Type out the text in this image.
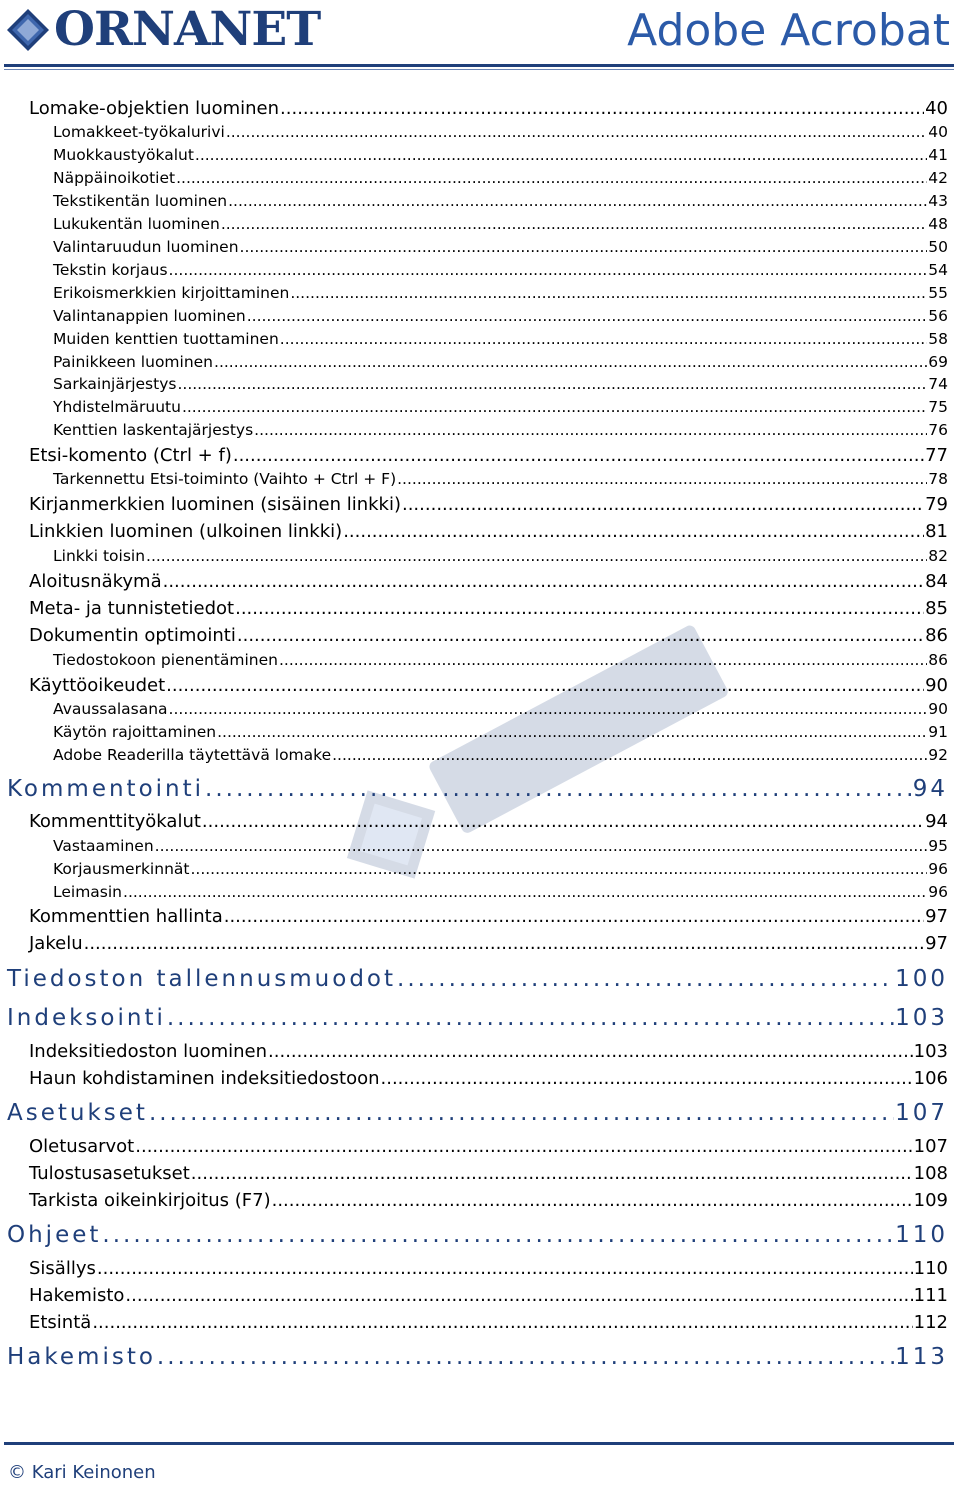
ORNANET	Adobe Acrobat
Lomake-objektien luominen .....	40
Lomakkeet-työkalurivi .....	40
Muokkaustyökalut .....	41
Näppäinoikotiet .....	42
Tekstikentän luominen .....	43
Lukukentän luominen .....	48
Valintaruudun luominen .....	50
Tekstin korjaus .....	54
Erikoismerkkien kirjoittaminen .....	55
Valintanappien luominen .....	56
Muiden kenttien tuottaminen .....	58
Painikkeen luominen .....	69
Sarkainjärjestys .....	74
Yhdistelmäruutu .....	75
Kenttien laskentajärjestys .....	76
Etsi-komento (Ctrl + f) .....	77
Tarkennettu Etsi-toiminto (Vaihto + Ctrl + F) .....	78
Kirjanmerkkien luominen (sisäinen linkki) .....	79
Linkkien luominen (ulkoinen linkki) .....	81
Linkki toisin .....	82
Aloitusnäkymä .....	84
Meta- ja tunnistetiedot .....	85
Dokumentin optimointi .....	86
Tiedostokoon pienentäminen .....	86
Käyttöoikeudet .....	90
Avaussalasana .....	90
Käytön rajoittaminen .....	91
Adobe Readerilla täytettävä lomake .....	92
Kommentointi .....	94
Kommenttityökalut .....	94
Vastaaminen .....	95
Korjausmerkinnät .....	96
Leimasin .....	96
Kommenttien hallinta .....	97
Jakelu .....	97
Tiedoston tallennusmuodot .....	100
Indeksointi .....	103
Indeksitiedoston luominen .....	103
Haun kohdistaminen indeksitiedostoon .....	106
Asetukset .....	107
Oletusarvot .....	107
Tulostusasetukset .....	108
Tarkista oikeinkirjoitus (F7) .....	109
Ohjeet .....	110
Sisällys .....	110
Hakemisto .....	111
Etsintä .....	112
Hakemisto .....	113
© Kari Keinonen
